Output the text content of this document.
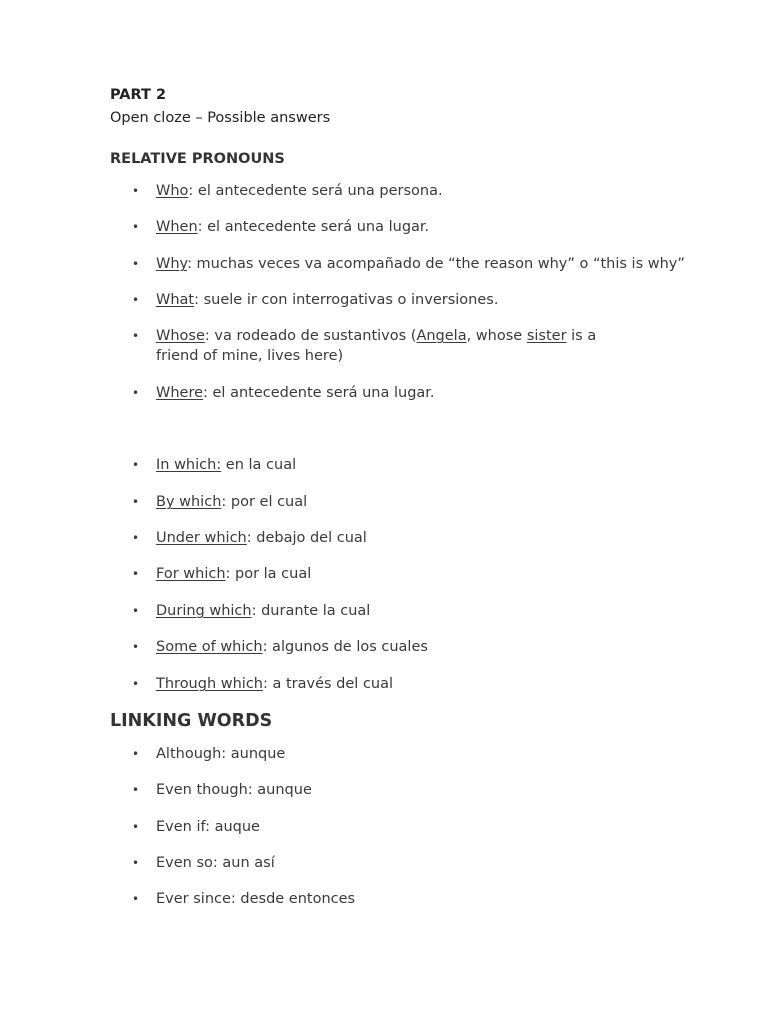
PART 2
Open cloze – Possible answers
RELATIVE PRONOUNS
• Who: el antecedente será una persona.
• When: el antecedente será una lugar.
• Why: muchas veces va acompañado de “the reason why” o “this is why”
• What: suele ir con interrogativas o inversiones.
• Whose: va rodeado de sustantivos (Angela, whose sister is a friend of mine, lives here)
• Where: el antecedente será una lugar.
• In which: en la cual
• By which: por el cual
• Under which: debajo del cual
• For which: por la cual
• During which: durante la cual
• Some of which: algunos de los cuales
• Through which: a través del cual
LINKING WORDS
• Although: aunque
• Even though: aunque
• Even if: auque
• Even so: aun así
• Ever since: desde entonces
